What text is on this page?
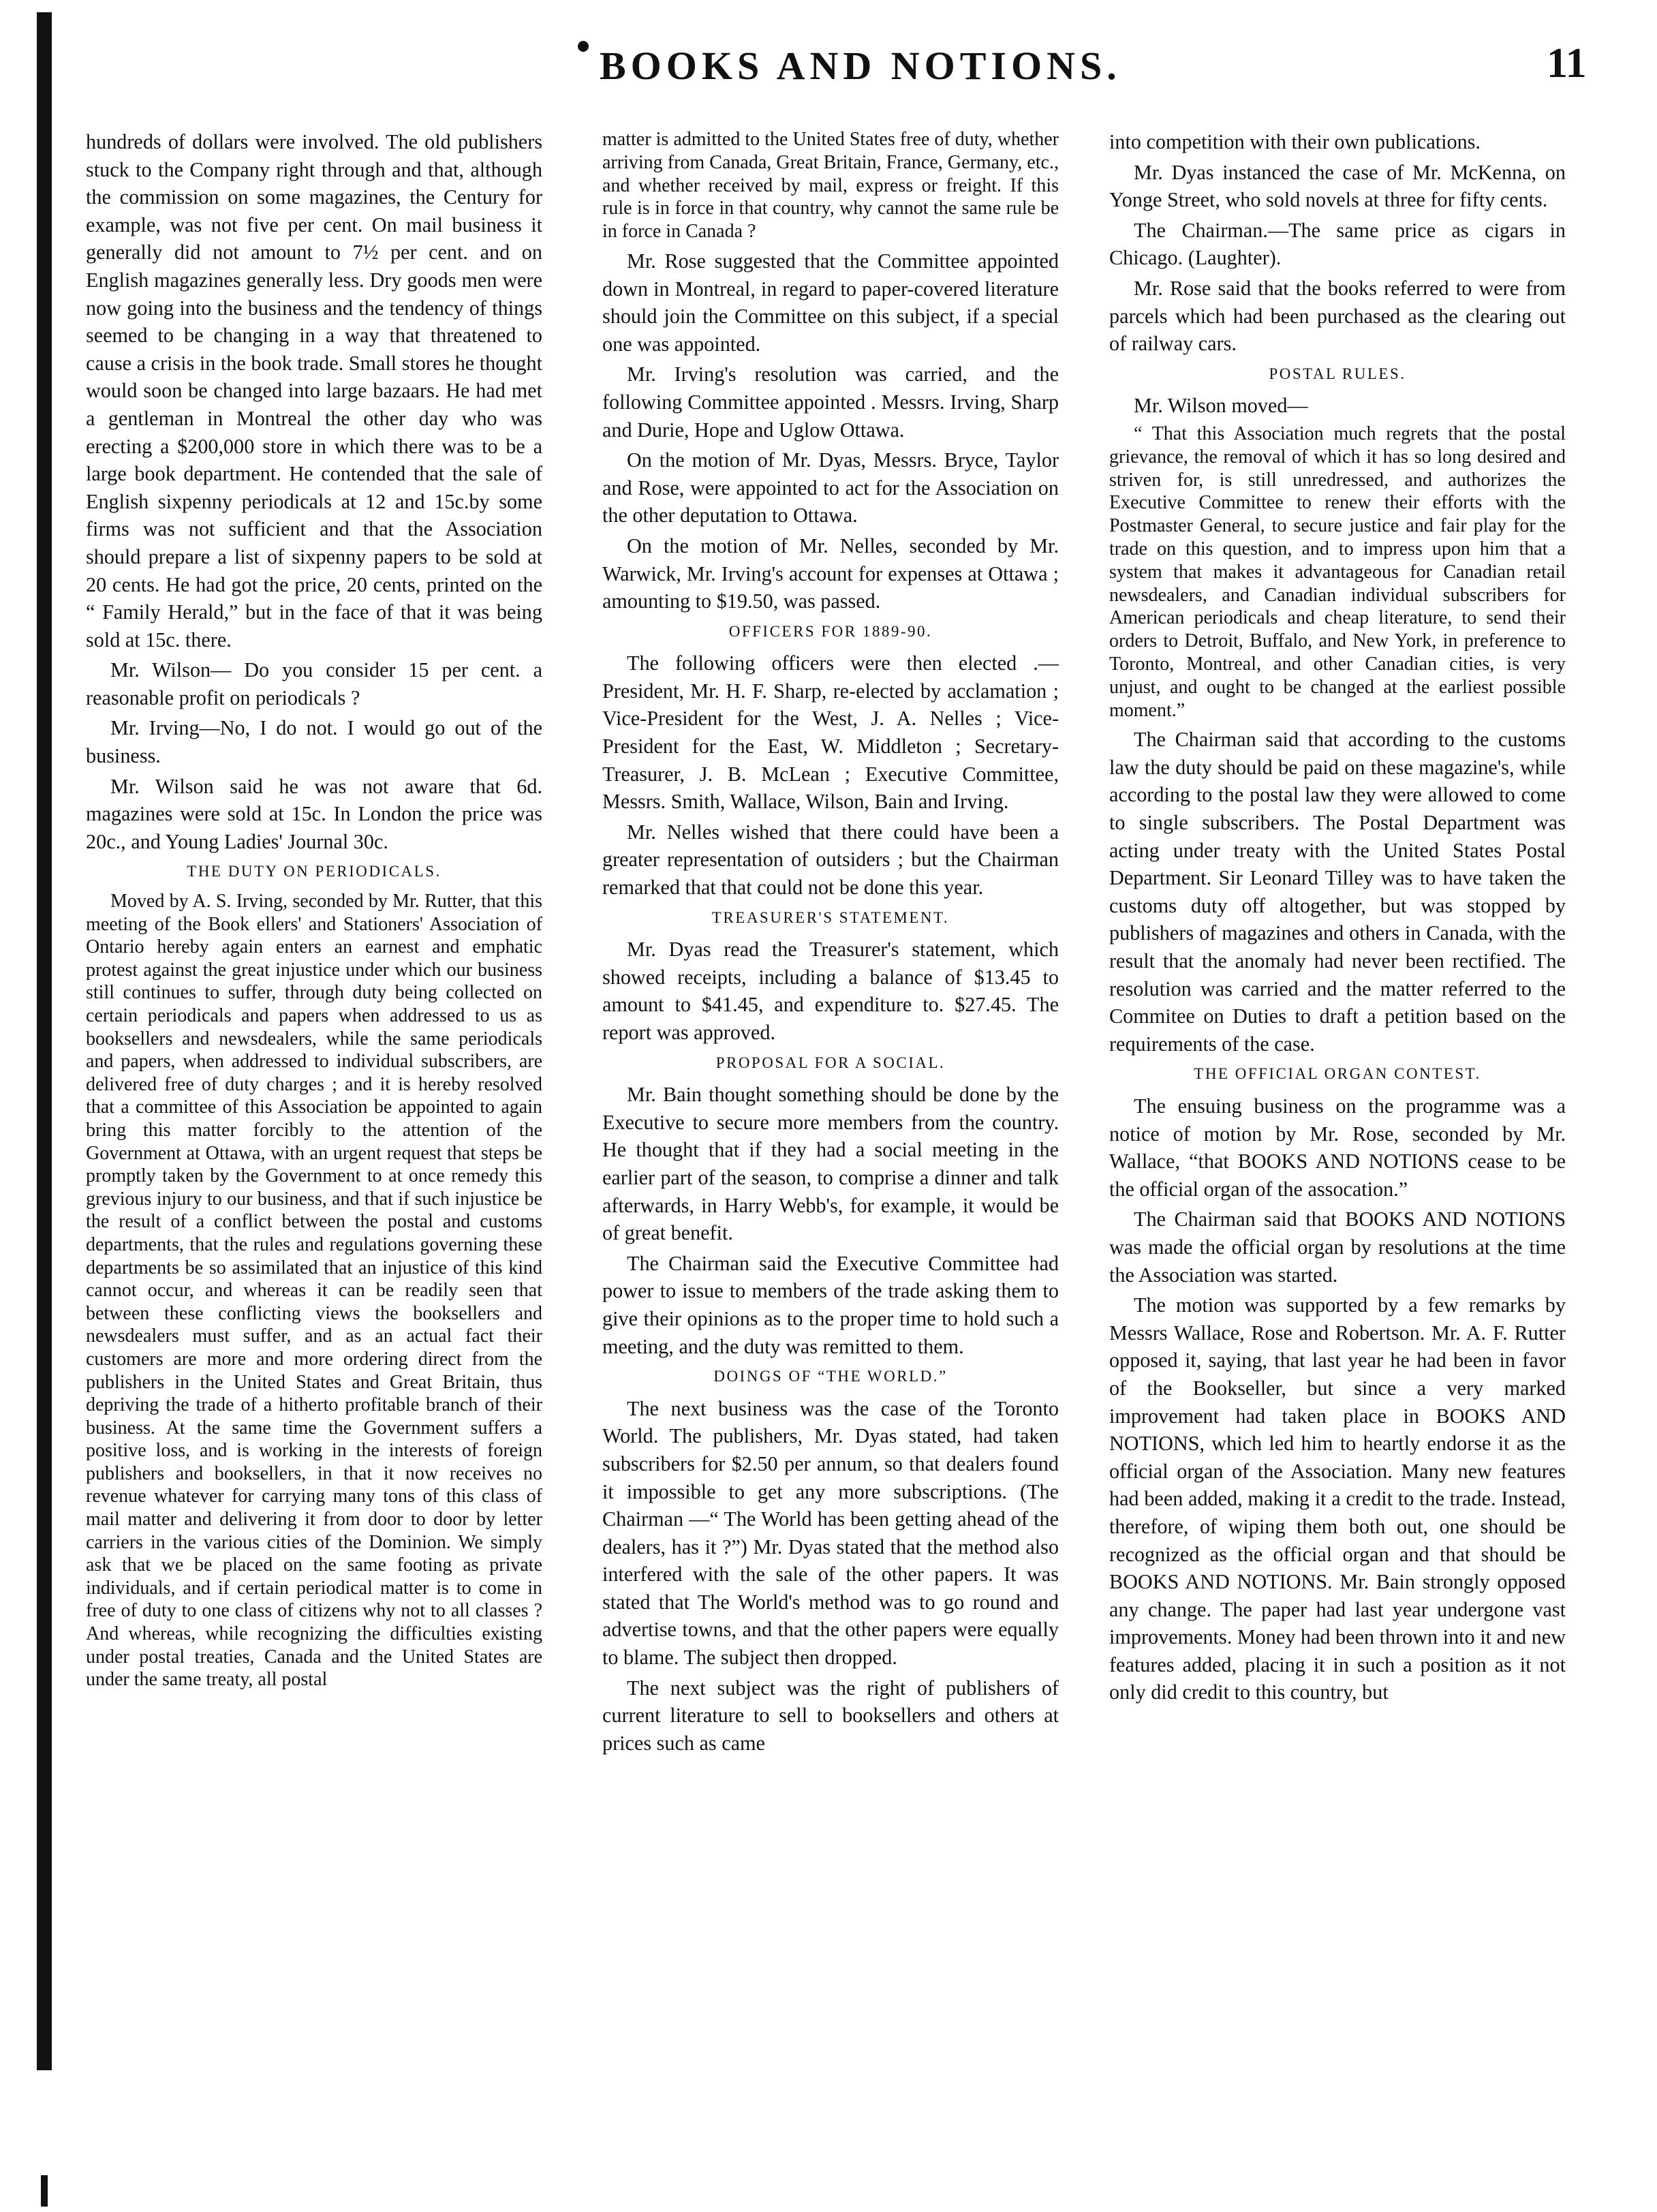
BOOKS AND NOTIONS.	11

hundreds of dollars were involved. The old publishers stuck to the Company right through and that, although the commission on some magazines, the Century for example, was not five per cent. On mail business it generally did not amount to 7½ per cent. and on English magazines generally less. Dry goods men were now going into the business and the tendency of things seemed to be changing in a way that threatened to cause a crisis in the book trade. Small stores he thought would soon be changed into large bazaars. He had met a gentleman in Montreal the other day who was erecting a $200,000 store in which there was to be a large book department. He contended that the sale of English sixpenny periodicals at 12 and 15c.by some firms was not sufficient and that the Association should prepare a list of sixpenny papers to be sold at 20 cents. He had got the price, 20 cents, printed on the “ Family Herald,” but in the face of that it was being sold at 15c. there.

Mr. Wilson— Do you consider 15 per cent. a reasonable profit on periodicals ?

Mr. Irving—No, I do not. I would go out of the business.

Mr. Wilson said he was not aware that 6d. magazines were sold at 15c. In London the price was 20c., and Young Ladies' Journal 30c.

THE DUTY ON PERIODICALS.

Moved by A. S. Irving, seconded by Mr. Rutter, that this meeting of the Book ellers' and Stationers' Association of Ontario hereby again enters an earnest and emphatic protest against the great injustice under which our business still continues to suffer, through duty being collected on certain periodicals and papers when addressed to us as booksellers and newsdealers, while the same periodicals and papers, when addressed to individual subscribers, are delivered free of duty charges ; and it is hereby resolved that a committee of this Association be appointed to again bring this matter forcibly to the attention of the Government at Ottawa, with an urgent request that steps be promptly taken by the Government to at once remedy this grevious injury to our business, and that if such injustice be the result of a conflict between the postal and customs departments, that the rules and regulations governing these departments be so assimilated that an injustice of this kind cannot occur, and whereas it can be readily seen that between these conflicting views the booksellers and newsdealers must suffer, and as an actual fact their customers are more and more ordering direct from the publishers in the United States and Great Britain, thus depriving the trade of a hitherto profitable branch of their business. At the same time the Government suffers a positive loss, and is working in the interests of foreign publishers and booksellers, in that it now receives no revenue whatever for carrying many tons of this class of mail matter and delivering it from door to door by letter carriers in the various cities of the Dominion. We simply ask that we be placed on the same footing as private individuals, and if certain periodical matter is to come in free of duty to one class of citizens why not to all classes ? And whereas, while recognizing the difficulties existing under postal treaties, Canada and the United States are under the same treaty, all postal

matter is admitted to the United States free of duty, whether arriving from Canada, Great Britain, France, Germany, etc., and whether received by mail, express or freight. If this rule is in force in that country, why cannot the same rule be in force in Canada ?

Mr. Rose suggested that the Committee appointed down in Montreal, in regard to paper-covered literature should join the Committee on this subject, if a special one was appointed.

Mr. Irving's resolution was carried, and the following Committee appointed . Messrs. Irving, Sharp and Durie, Hope and Uglow Ottawa.

On the motion of Mr. Dyas, Messrs. Bryce, Taylor and Rose, were appointed to act for the Association on the other deputation to Ottawa.

On the motion of Mr. Nelles, seconded by Mr. Warwick, Mr. Irving's account for expenses at Ottawa ; amounting to $19.50, was passed.

OFFICERS FOR 1889-90.

The following officers were then elected .— President, Mr. H. F. Sharp, re-elected by acclamation ; Vice-President for the West, J. A. Nelles ; Vice-President for the East, W. Middleton ; Secretary-Treasurer, J. B. McLean ; Executive Committee, Messrs. Smith, Wallace, Wilson, Bain and Irving.

Mr. Nelles wished that there could have been a greater representation of outsiders ; but the Chairman remarked that that could not be done this year.

TREASURER'S STATEMENT.

Mr. Dyas read the Treasurer's statement, which showed receipts, including a balance of $13.45 to amount to $41.45, and expenditure to. $27.45. The report was approved.

PROPOSAL FOR A SOCIAL.

Mr. Bain thought something should be done by the Executive to secure more members from the country. He thought that if they had a social meeting in the earlier part of the season, to comprise a dinner and talk afterwards, in Harry Webb's, for example, it would be of great benefit.

The Chairman said the Executive Committee had power to issue to members of the trade asking them to give their opinions as to the proper time to hold such a meeting, and the duty was remitted to them.

DOINGS OF “THE WORLD.”

The next business was the case of the Toronto World. The publishers, Mr. Dyas stated, had taken subscribers for $2.50 per annum, so that dealers found it impossible to get any more subscriptions. (The Chairman —“ The World has been getting ahead of the dealers, has it ?”) Mr. Dyas stated that the method also interfered with the sale of the other papers. It was stated that The World's method was to go round and advertise towns, and that the other papers were equally to blame. The subject then dropped.

The next subject was the right of publishers of current literature to sell to booksellers and others at prices such as came

into competition with their own publications.

Mr. Dyas instanced the case of Mr. McKenna, on Yonge Street, who sold novels at three for fifty cents.

The Chairman.—The same price as cigars in Chicago. (Laughter).

Mr. Rose said that the books referred to were from parcels which had been purchased as the clearing out of railway cars.

POSTAL RULES.

Mr. Wilson moved—

“ That this Association much regrets that the postal grievance, the removal of which it has so long desired and striven for, is still unredressed, and authorizes the Executive Committee to renew their efforts with the Postmaster General, to secure justice and fair play for the trade on this question, and to impress upon him that a system that makes it advantageous for Canadian retail newsdealers, and Canadian individual subscribers for American periodicals and cheap literature, to send their orders to Detroit, Buffalo, and New York, in preference to Toronto, Montreal, and other Canadian cities, is very unjust, and ought to be changed at the earliest possible moment.”

The Chairman said that according to the customs law the duty should be paid on these magazine's, while according to the postal law they were allowed to come to single subscribers. The Postal Department was acting under treaty with the United States Postal Department. Sir Leonard Tilley was to have taken the customs duty off altogether, but was stopped by publishers of magazines and others in Canada, with the result that the anomaly had never been rectified. The resolution was carried and the matter referred to the Commitee on Duties to draft a petition based on the requirements of the case.

THE OFFICIAL ORGAN CONTEST.

The ensuing business on the programme was a notice of motion by Mr. Rose, seconded by Mr. Wallace, “that BOOKS AND NOTIONS cease to be the official organ of the assocation.”

The Chairman said that BOOKS AND NOTIONS was made the official organ by resolutions at the time the Association was started.

The motion was supported by a few remarks by Messrs Wallace, Rose and Robertson. Mr. A. F. Rutter opposed it, saying, that last year he had been in favor of the Bookseller, but since a very marked improvement had taken place in BOOKS AND NOTIONS, which led him to heartly endorse it as the official organ of the Association. Many new features had been added, making it a credit to the trade. Instead, therefore, of wiping them both out, one should be recognized as the official organ and that should be BOOKS AND NOTIONS. Mr. Bain strongly opposed any change. The paper had last year undergone vast improvements. Money had been thrown into it and new features added, placing it in such a position as it not only did credit to this country, but
